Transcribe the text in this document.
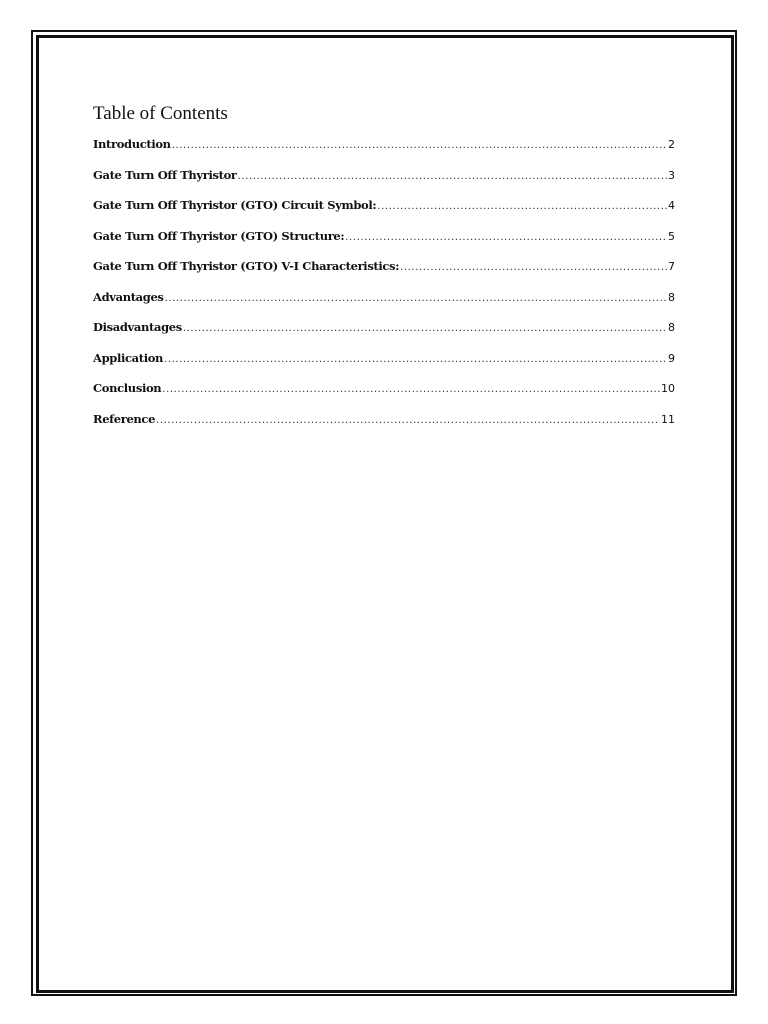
Table of Contents
Introduction .....	2
Gate Turn Off Thyristor .....	3
Gate Turn Off Thyristor (GTO) Circuit Symbol: .....	4
Gate Turn Off Thyristor (GTO) Structure: .....	5
Gate Turn Off Thyristor (GTO) V-I Characteristics: .....	7
Advantages .....	8
Disadvantages .....	8
Application .....	9
Conclusion .....	10
Reference .....	11
